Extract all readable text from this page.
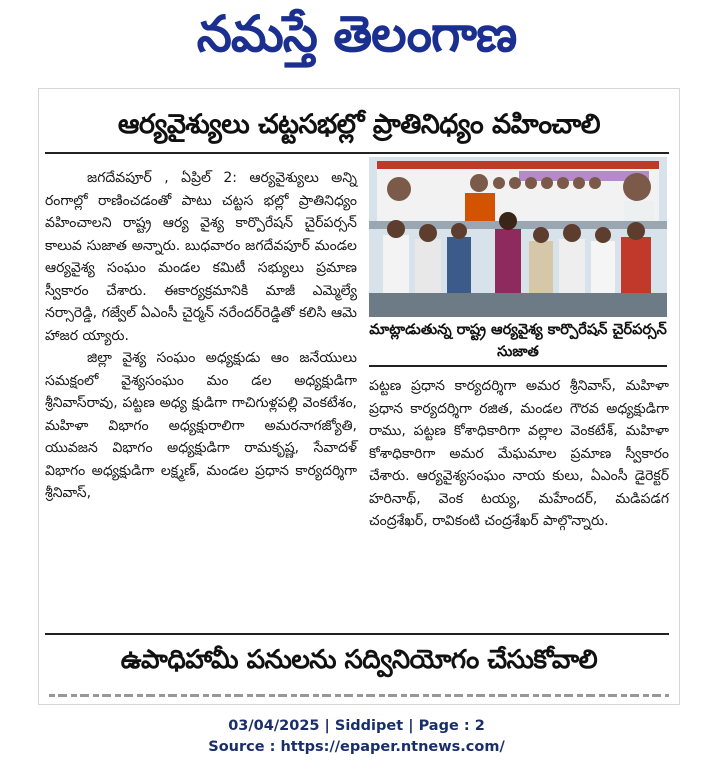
నమస్తే తెలంగాణ
ఆర్యవైశ్యులు చట్టసభల్లో ప్రాతినిధ్యం వహించాలి

జగదేవపూర్ , ఏప్రిల్ 2: ఆర్యవైశ్యులు అన్ని రంగాల్లో రాణించడంతో పాటు చట్టస భల్లో ప్రాతినిధ్యం వహించాలని రాష్ట్ర ఆర్య వైశ్య కార్పొరేషన్ చైర్‌పర్సన్ కాలువ సుజాత అన్నారు. బుధవారం జగదేవపూర్ మండల ఆర్యవైశ్య సంఘం మండల కమిటీ సభ్యులు ప్రమాణ స్వీకారం చేశారు. ఈకార్యక్రమానికి మాజీ ఎమ్మెల్యే నర్సారెడ్డి, గజ్వేల్ ఏఎంసీ చైర్మన్ నరేందర్‌రెడ్డితో కలిసి ఆమె హాజర య్యారు.

జిల్లా వైశ్య సంఘం అధ్యక్షుడు ఆం జనేయులు సమక్షంలో వైశ్యసంఘం మం డల అధ్యక్షుడిగా శ్రీనివాస్‌రావు, పట్టణ అధ్య క్షుడిగా గాచిగుళ్లపల్లి వెంకటేశం, మహిళా విభాగం అధ్యక్షురాలిగా అమరనాగజ్యోతి, యువజన విభాగం అధ్యక్షుడిగా రామకృష్ణ, సేవాదళ్ విభాగం అధ్యక్షుడిగా లక్ష్మణ్, మండల ప్రధాన కార్యదర్శిగా శ్రీనివాస్,

మాట్లాడుతున్న రాష్ట్ర ఆర్యవైశ్య కార్పొరేషన్ చైర్‌పర్సన్ సుజాత

పట్టణ ప్రధాన కార్యదర్శిగా అమర శ్రీనివాస్, మహిళా ప్రధాన కార్యదర్శిగా రజిత, మండల గౌరవ అధ్యక్షుడిగా రాము, పట్టణ కోశాధికారిగా వల్లాల వెంకటేశ్, మహిళా కోశాధికారిగా అమర మేఘమాల ప్రమాణ స్వీకారం చేశారు. ఆర్యవైశ్యసంఘం నాయ కులు, ఏఎంసీ డైరెక్టర్ హరినాథ్, వెంక టయ్య, మహేందర్, మడిపడగ చంద్రశేఖర్, రావికంటి చంద్రశేఖర్ పాల్గొన్నారు.

ఉపాధిహామీ పనులను సద్వినియోగం చేసుకోవాలి
03/04/2025 | Siddipet | Page : 2
Source : https://epaper.ntnews.com/
